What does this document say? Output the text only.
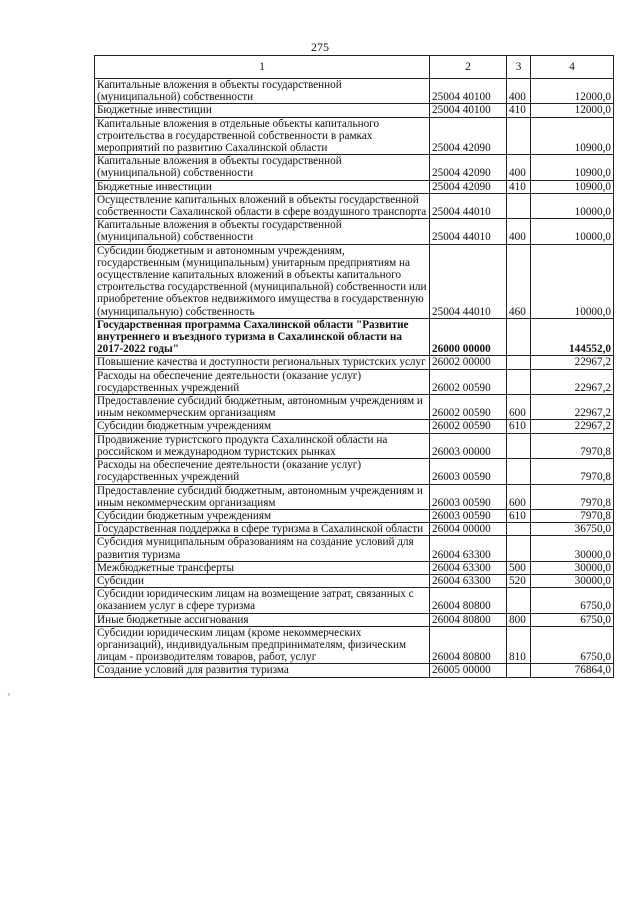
275
1	2	3	4
Капитальные вложения в объекты государственной (муниципальной) собственности	25004 40100	400	12000,0
Бюджетные инвестиции	25004 40100	410	12000,0
Капитальные вложения в отдельные объекты капитального строительства в государственной собственности в рамках мероприятий по развитию Сахалинской области	25004 42090		10900,0
Капитальные вложения в объекты государственной (муниципальной) собственности	25004 42090	400	10900,0
Бюджетные инвестиции	25004 42090	410	10900,0
Осуществление капитальных вложений в объекты государственной собственности Сахалинской области в сфере воздушного транспорта	25004 44010		10000,0
Капитальные вложения в объекты государственной (муниципальной) собственности	25004 44010	400	10000,0
Субсидии бюджетным и автономным учреждениям, государственным (муниципальным) унитарным предприятиям на осуществление капитальных вложений в объекты капитального строительства государственной (муниципальной) собственности или приобретение объектов недвижимого имущества в государственную (муниципальную) собственность	25004 44010	460	10000,0
Государственная программа Сахалинской области "Развитие внутреннего и въездного туризма в Сахалинской области на 2017-2022 годы"	26000 00000		144552,0
Повышение качества и доступности региональных туристских услуг	26002 00000		22967,2
Расходы на обеспечение деятельности (оказание услуг) государственных учреждений	26002 00590		22967,2
Предоставление субсидий бюджетным, автономным учреждениям и иным некоммерческим организациям	26002 00590	600	22967,2
Субсидии бюджетным учреждениям	26002 00590	610	22967,2
Продвижение туристского продукта Сахалинской области на российском и международном туристских рынках	26003 00000		7970,8
Расходы на обеспечение деятельности (оказание услуг) государственных учреждений	26003 00590		7970,8
Предоставление субсидий бюджетным, автономным учреждениям и иным некоммерческим организациям	26003 00590	600	7970,8
Субсидии бюджетным учреждениям	26003 00590	610	7970,8
Государственная поддержка в сфере туризма в Сахалинской области	26004 00000		36750,0
Субсидия муниципальным образованиям на создание условий для развития туризма	26004 63300		30000,0
Межбюджетные трансферты	26004 63300	500	30000,0
Субсидии	26004 63300	520	30000,0
Субсидии юридическим лицам на возмещение затрат, связанных с оказанием услуг в сфере туризма	26004 80800		6750,0
Иные бюджетные ассигнования	26004 80800	800	6750,0
Субсидии юридическим лицам (кроме некоммерческих организаций), индивидуальным предпринимателям, физическим лицам - производителям товаров, работ, услуг	26004 80800	810	6750,0
Создание условий для развития туризма	26005 00000		76864,0
¸
